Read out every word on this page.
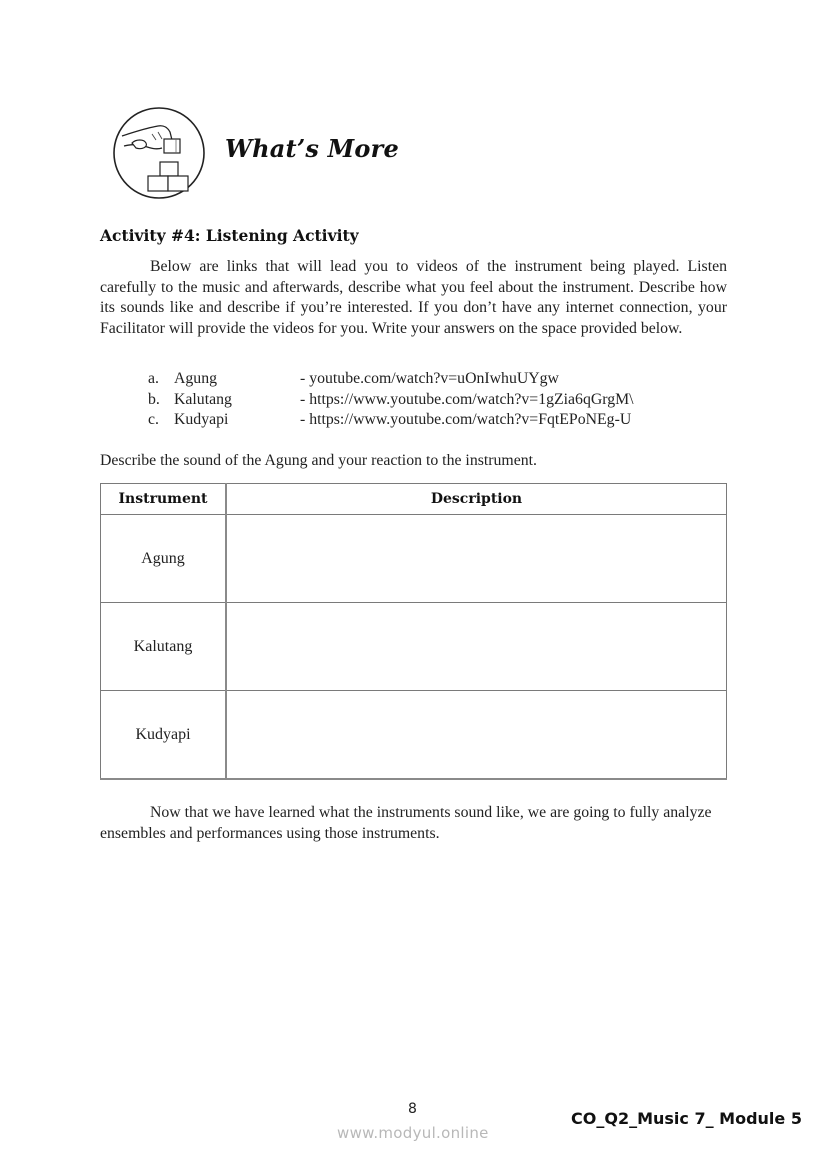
What’s More
Activity #4: Listening Activity

Below are links that will lead you to videos of the instrument being played. Listen carefully to the music and afterwards, describe what you feel about the instrument. Describe how its sounds like and describe if you’re interested. If you don’t have any internet connection, your Facilitator will provide the videos for you. Write your answers on the space provided below.

a. Agung	- youtube.com/watch?v=uOnIwhuUYgw
b. Kalutang	- https://www.youtube.com/watch?v=1gZia6qGrgM\
c. Kudyapi	- https://www.youtube.com/watch?v=FqtEPoNEg-U
Describe the sound of the Agung and your reaction to the instrument.
Instrument	Description
Agung	
Kalutang	
Kudyapi	

Now that we have learned what the instruments sound like, we are going to fully analyze ensembles and performances using those instruments.

8
www.modyul.online
CO_Q2_Music 7_ Module 5
